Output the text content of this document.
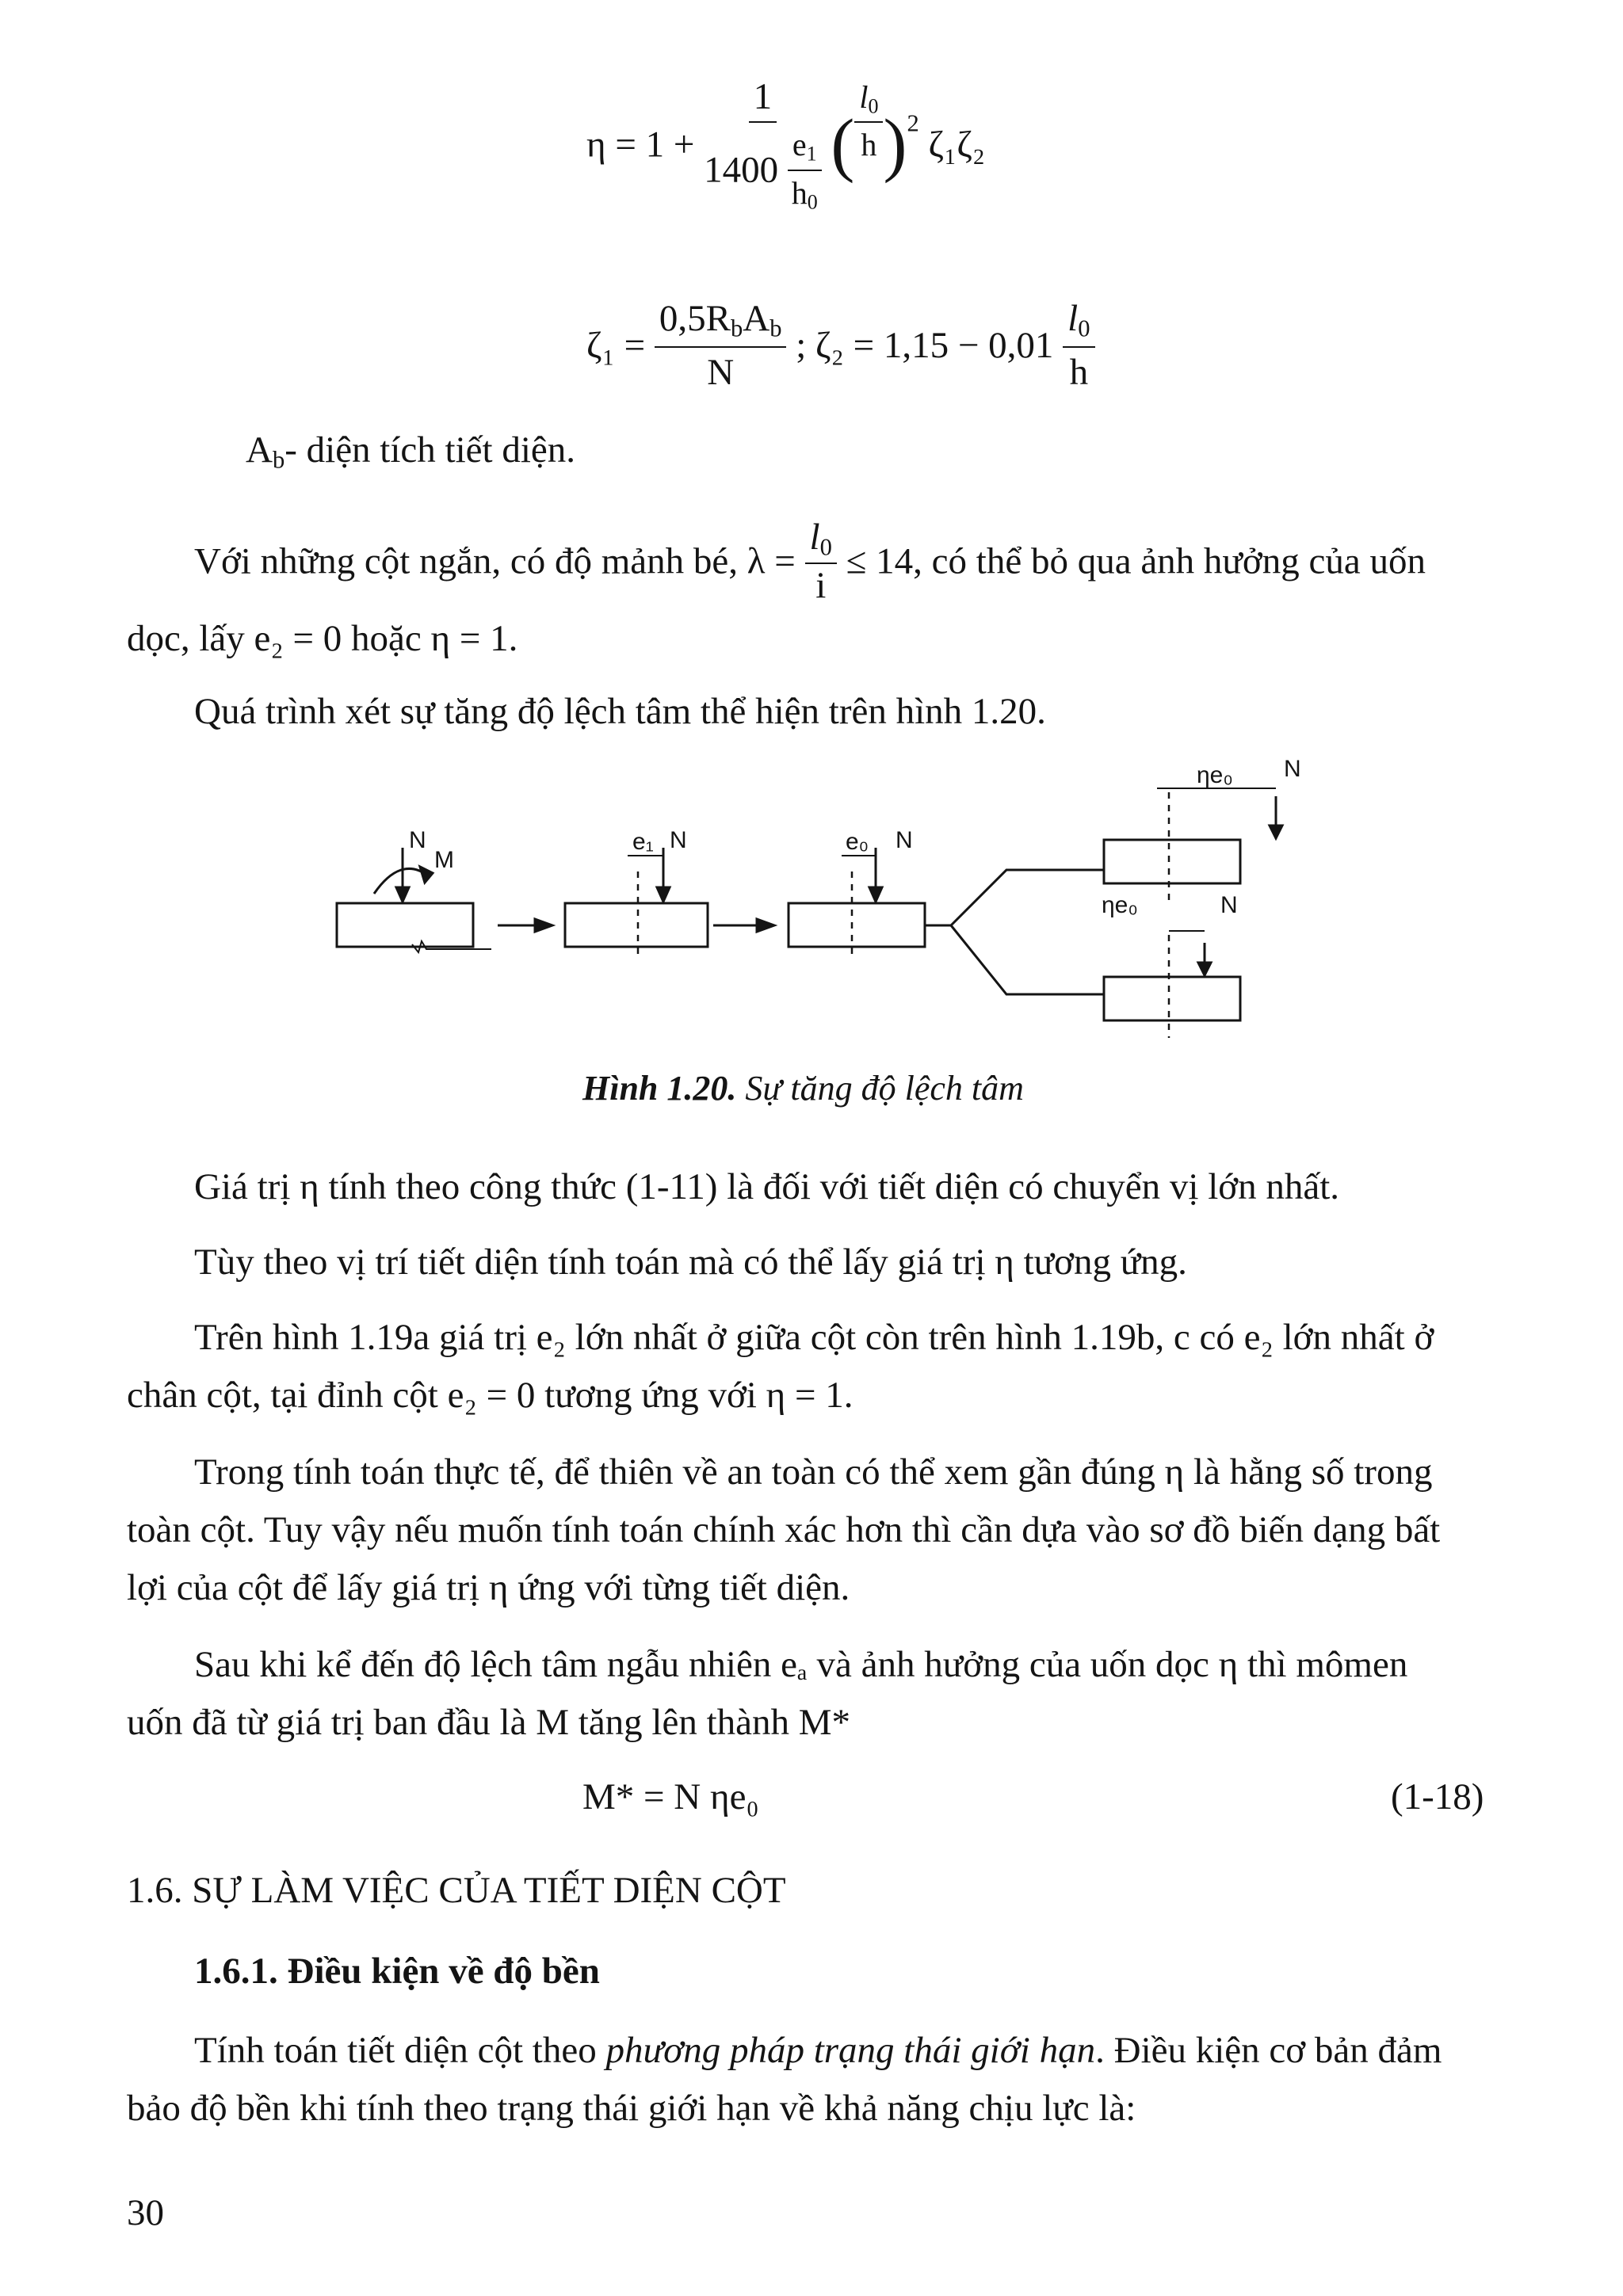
$\eta = 1 + \frac{1}{1400 \frac{e_1}{h_0}}$ ( $\frac{l_0}{h} )^2$ ζ₁ζ₂
$\zeta_1 = \frac{0,5R_bA_b}{N}$ ; $\zeta_2 = 1,15 - 0,01 \frac{l_0}{h}$
$A_b-$ diện tích tiết diện.
Với những cột ngắn, có độ mảnh bé, $\lambda = \frac{l_0}{i} \le 14$, có thể bỏ qua ảnh hưởng của uốn
dọc, lấy e₂ = 0 hoặc η = 1.
Quá trình xét sự tăng độ lệch tâm thể hiện trên hình 1.20.
N
M
e₁ N	e₀ N
ηe₀ N
ηe₀	N
Hình 1.20. Sự tăng độ lệch tâm
Giá trị η tính theo công thức (1-11) là đối với tiết diện có chuyển vị lớn nhất.
Tùy theo vị trí tiết diện tính toán mà có thể lấy giá trị η tương ứng.
Trên hình 1.19a giá trị e₂ lớn nhất ở giữa cột còn trên hình 1.19b, c có e₂ lớn nhất ở
chân cột, tại đỉnh cột e₂ = 0 tương ứng với η = 1.
Trong tính toán thực tế, để thiên về an toàn có thể xem gần đúng η là hằng số trong
toàn cột. Tuy vậy nếu muốn tính toán chính xác hơn thì cần dựa vào sơ đồ biến dạng bất
lợi của cột để lấy giá trị η ứng với từng tiết diện.
Sau khi kể đến độ lệch tâm ngẫu nhiên eₐ và ảnh hưởng của uốn dọc η thì mômen
uốn đã từ giá trị ban đầu là M tăng lên thành M*
M* = N ηe₀	(1-18)
1.6. SỰ LÀM VIỆC CỦA TIẾT DIỆN CỘT
1.6.1. Điều kiện về độ bền
Tính toán tiết diện cột theo phương pháp trạng thái giới hạn. Điều kiện cơ bản đảm
bảo độ bền khi tính theo trạng thái giới hạn về khả năng chịu lực là:
30
